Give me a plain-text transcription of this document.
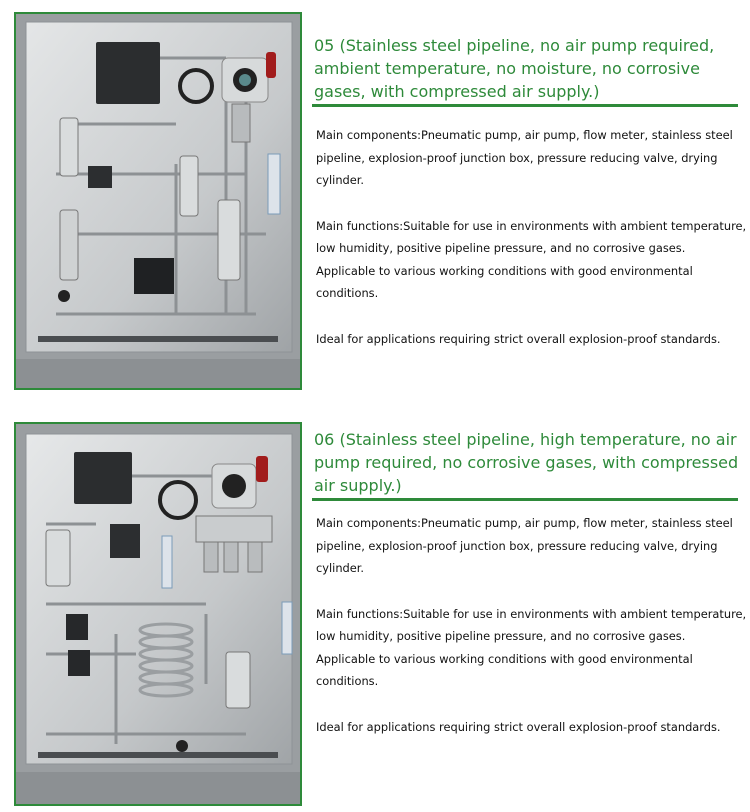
05 (Stainless steel pipeline, no air pump required, ambient temperature, no moisture, no corrosive gases, with compressed air supply.)

Main components:Pneumatic pump, air pump, flow meter, stainless steel pipeline, explosion-proof junction box, pressure reducing valve, drying cylinder.

Main functions:Suitable for use in environments with ambient temperature, low humidity, positive pipeline pressure, and no corrosive gases. Applicable to various working conditions with good environmental conditions.

Ideal for applications requiring strict overall explosion-proof standards.

06 (Stainless steel pipeline, high temperature, no air pump required, no corrosive gases, with compressed air supply.)

Main components:Pneumatic pump, air pump, flow meter, stainless steel pipeline, explosion-proof junction box, pressure reducing valve, drying cylinder.

Main functions:Suitable for use in environments with ambient temperature, low humidity, positive pipeline pressure, and no corrosive gases. Applicable to various working conditions with good environmental conditions.

Ideal for applications requiring strict overall explosion-proof standards.
